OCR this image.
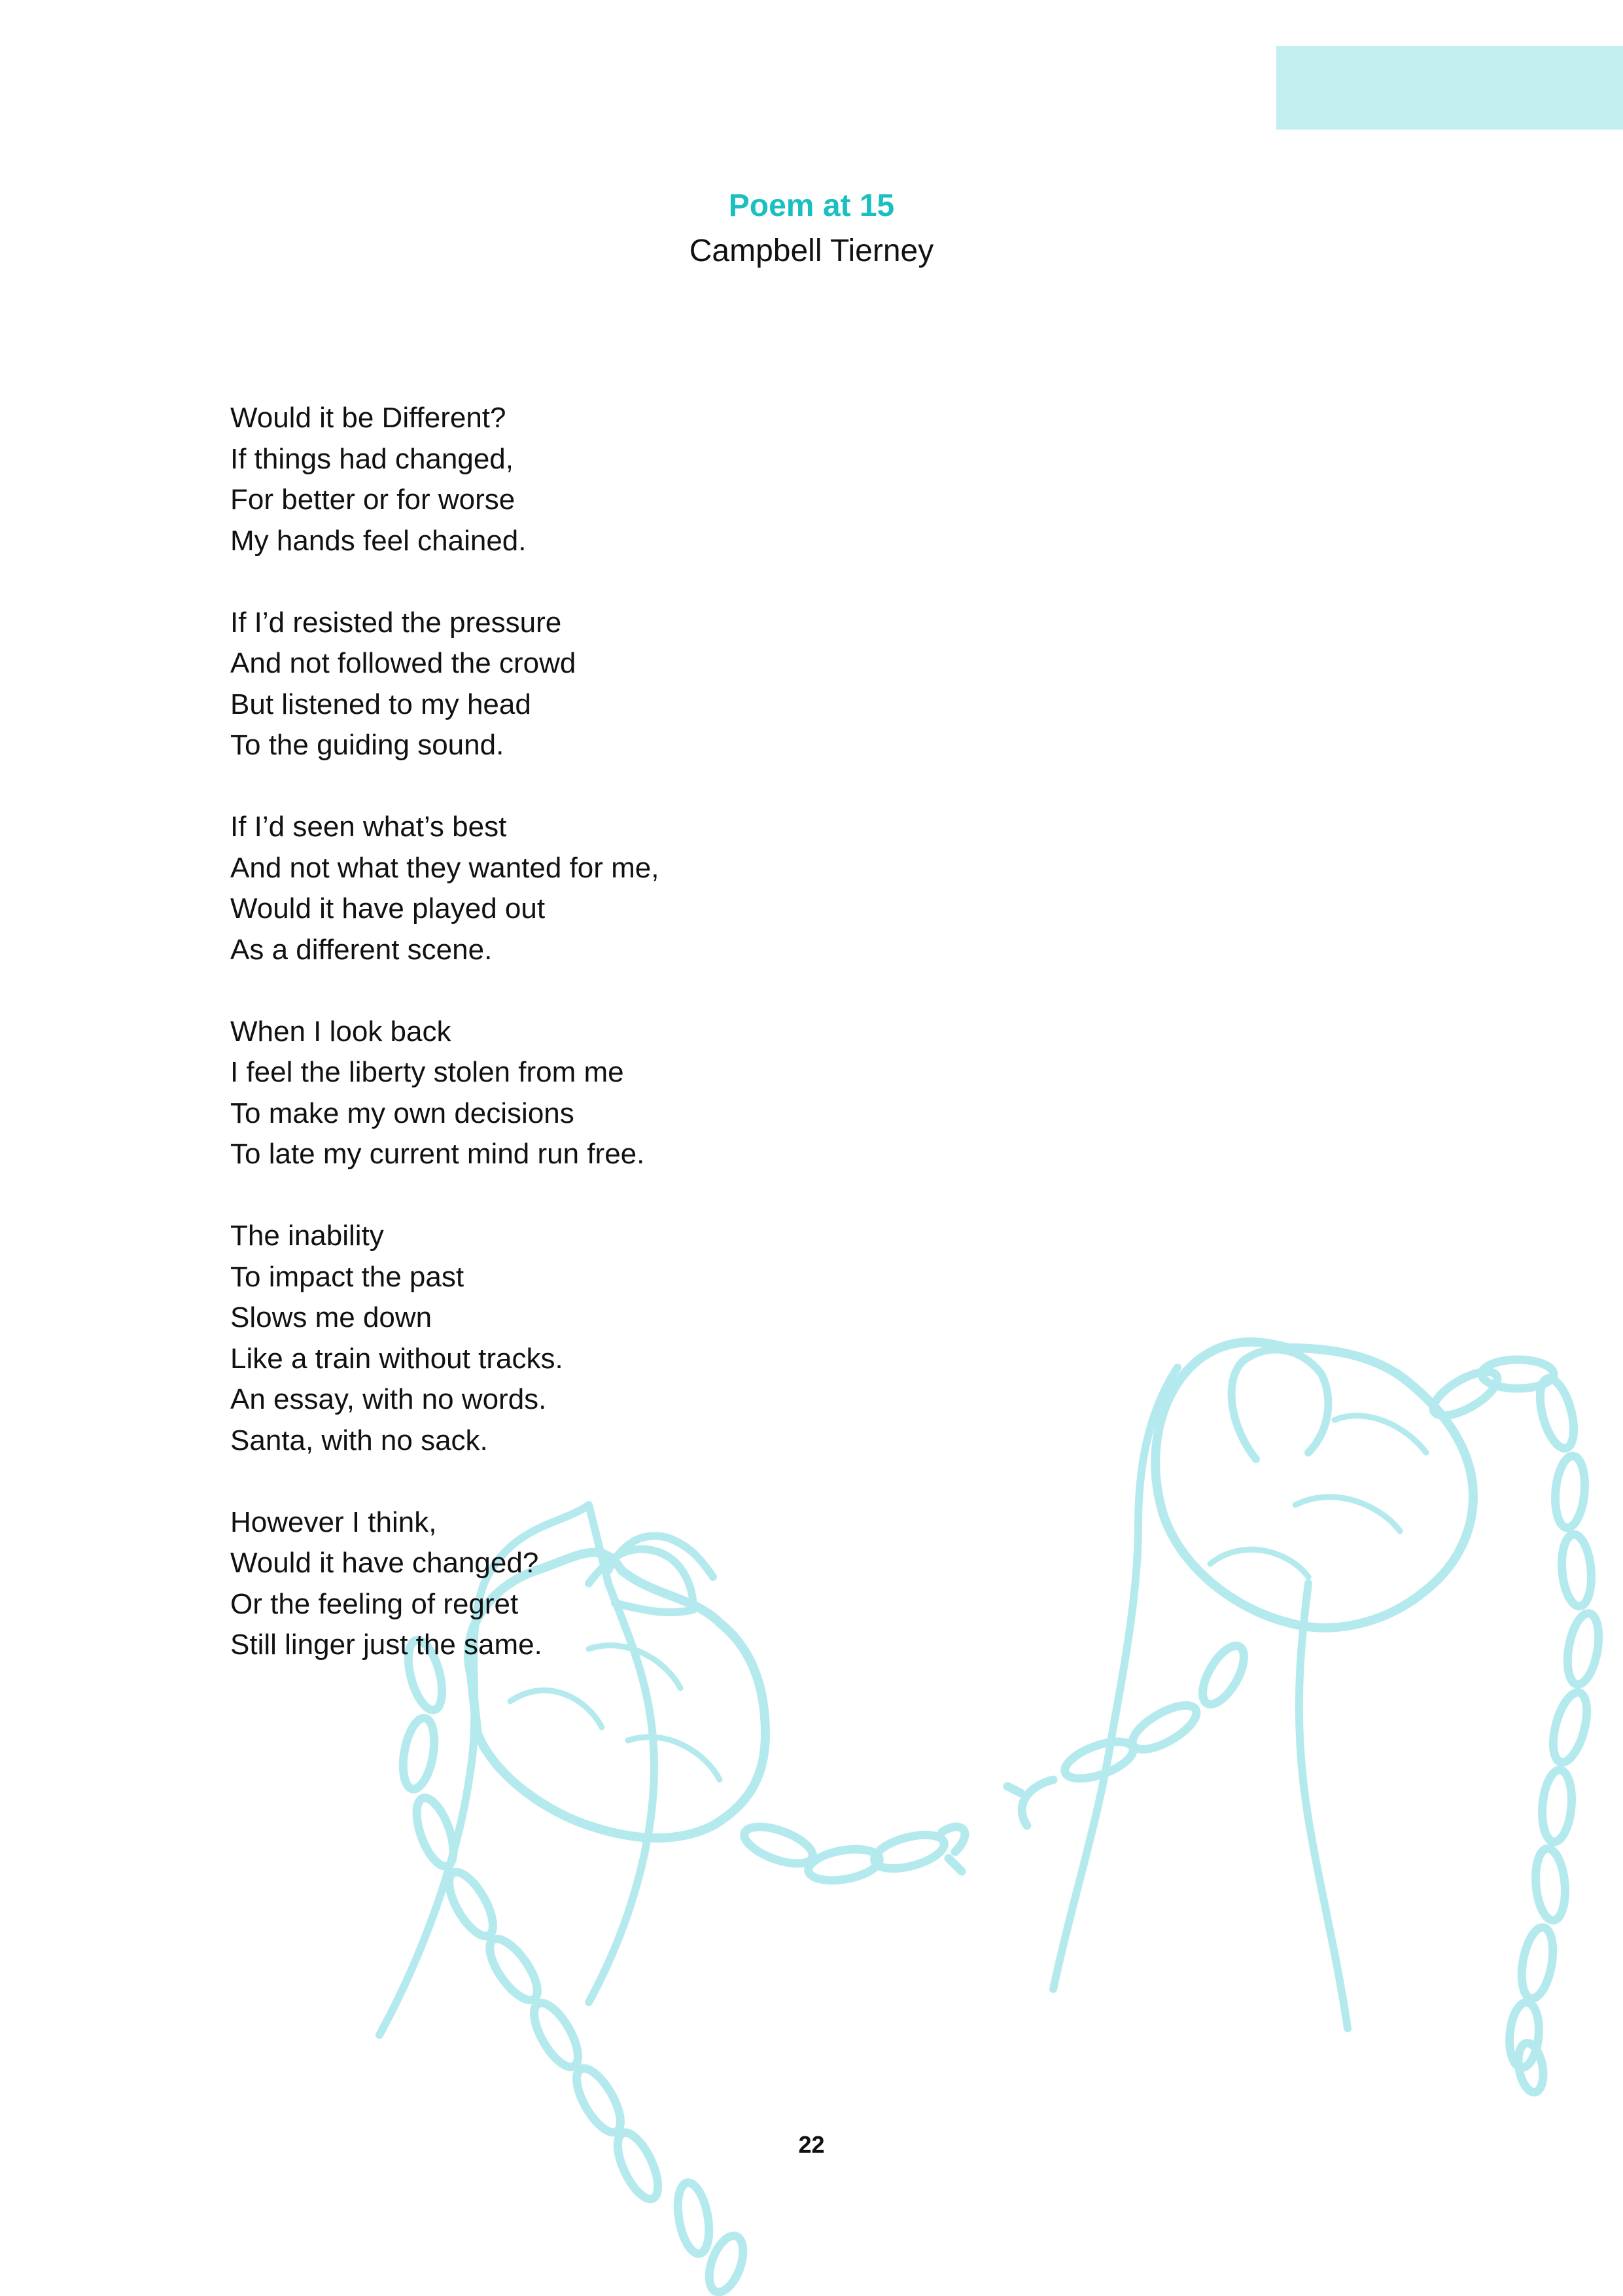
Poem at 15
Campbell Tierney
Would it be Different?
If things had changed,
For better or for worse
My hands feel chained.
If I’d resisted the pressure
And not followed the crowd
But listened to my head
To the guiding sound.
If I’d seen what’s best
And not what they wanted for me,
Would it have played out
As a different scene.
When I look back
I feel the liberty stolen from me
To make my own decisions
To late my current mind run free.
The inability
To impact the past
Slows me down
Like a train without tracks.
An essay, with no words.
Santa, with no sack.
However I think,
Would it have changed?
Or the feeling of regret
Still linger just the same.
22
